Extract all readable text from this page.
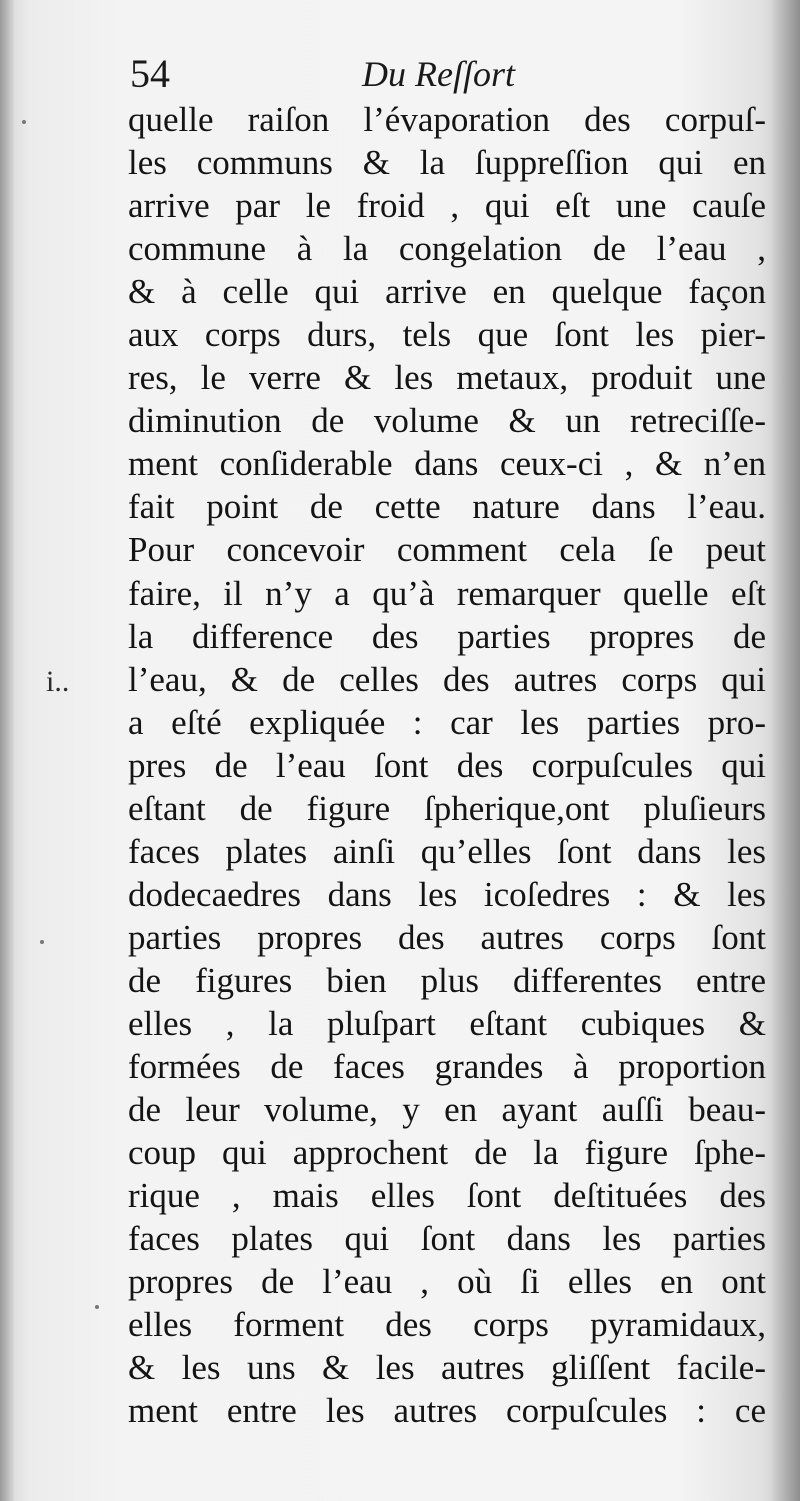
54	Du Reſſort
i..
quelle raiſon l’évaporation des corpuſ-
les communs & la ſuppreſſion qui en
arrive par le froid , qui eſt une cauſe
commune à la congelation de l’eau ,
& à celle qui arrive en quelque façon
aux corps durs, tels que ſont les pier-
res, le verre & les metaux, produit une
diminution de volume & un retreciſſe-
ment conſiderable dans ceux-ci , & n’en
fait point de cette nature dans l’eau.
Pour concevoir comment cela ſe peut
faire, il n’y a qu’à remarquer quelle eſt
la difference des parties propres de
l’eau, & de celles des autres corps qui
a eſté expliquée : car les parties pro-
pres de l’eau ſont des corpuſcules qui
eſtant de figure ſpherique,ont pluſieurs
faces plates ainſi qu’elles ſont dans les
dodecaedres dans les icoſedres : & les
parties propres des autres corps ſont
de figures bien plus differentes entre
elles , la pluſpart eſtant cubiques &
formées de faces grandes à proportion
de leur volume, y en ayant auſſi beau-
coup qui approchent de la figure ſphe-
rique , mais elles ſont deſtituées des
faces plates qui ſont dans les parties
propres de l’eau , où ſi elles en ont
elles forment des corps pyramidaux,
& les uns & les autres gliſſent facile-
ment entre les autres corpuſcules : ce
